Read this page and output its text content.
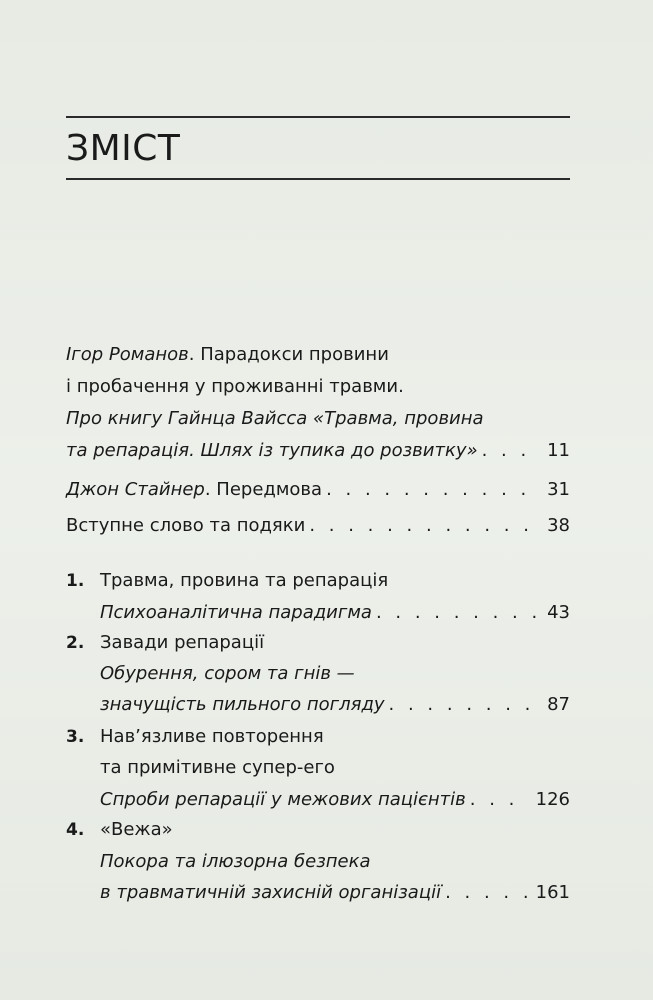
ЗМІСТ
Ігор Романов. Парадокси провини
і пробачення у проживанні травми.
Про книгу Гайнца Вайсса «Травма, провина
та репарація. Шлях із тупика до розвитку» . . .	11
Джон Стайнер. Передмова . . .	31
Вступне слово та подяки . . .	38
1. Травма, провина та репарація
Психоаналітична парадигма . . .	43
2. Завади репарації
Обурення, сором та гнів —
значущість пильного погляду . . .	87
3. Нав’язливе повторення
та примітивне супер-его
Спроби репарації у межових пацієнтів . . .	126
4. «Вежа»
Покора та ілюзорна безпека
в травматичній захисній організації . . .	161
